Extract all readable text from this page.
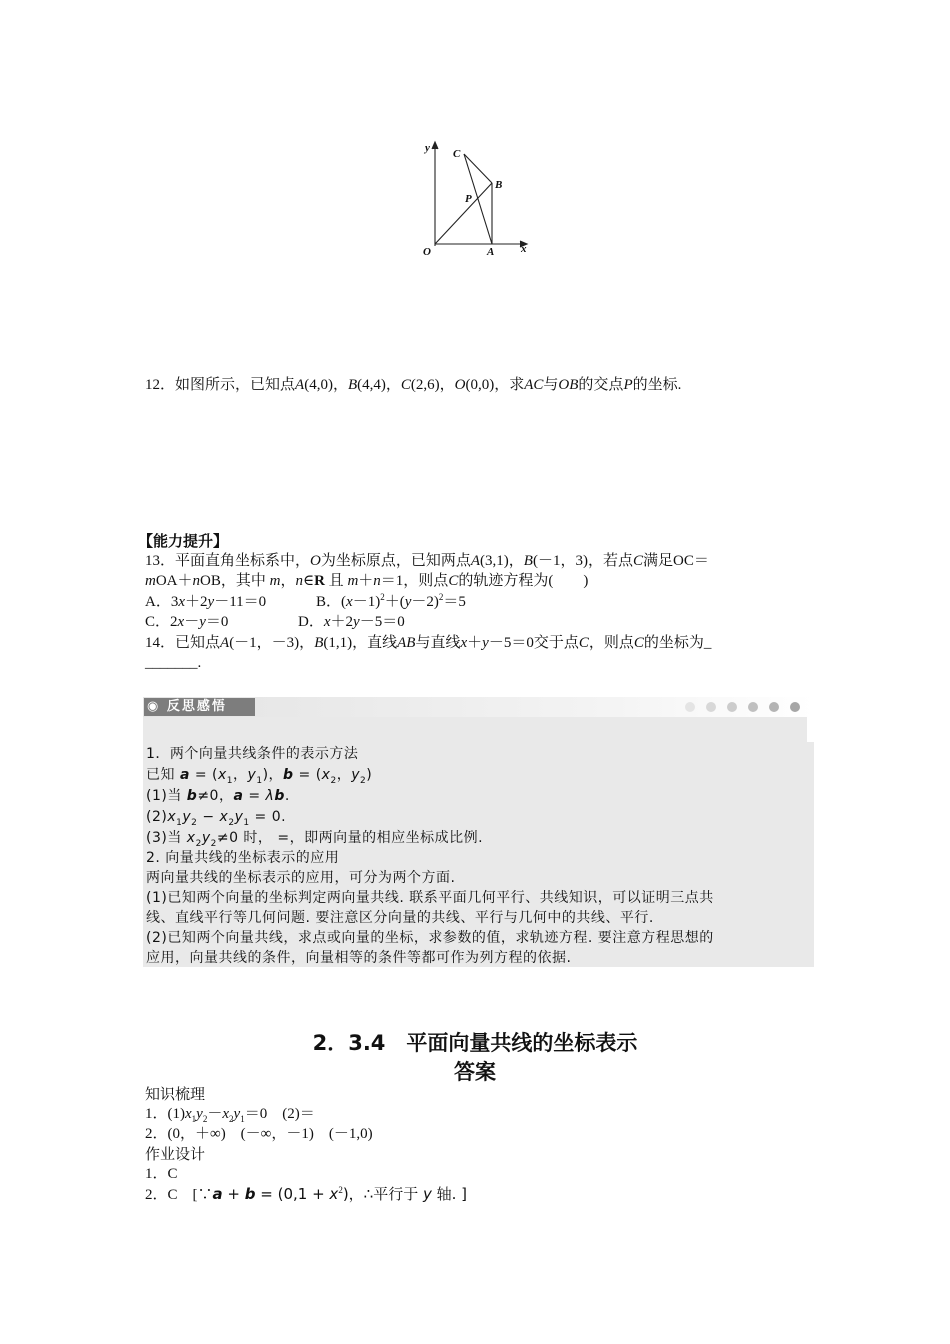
y
x
O	A
B
C
P
12．如图所示，已知点A(4,0)，B(4,4)，C(2,6)，O(0,0)，求AC与OB的交点P的坐标.
【能力提升】
13．平面直角坐标系中，O为坐标原点，已知两点A(3,1)，B(－1，3)，若点C满足OC＝
mOA＋nOB，其中 m，n∈R 且 m＋n＝1，则点C的轨迹方程为(　　)
A．3x＋2y－11＝0	B．$(x-1)^2+(y-2)^2=5$
C．2x－y＝0	D．x＋2y－5＝0
14．已知点A(－1，－3)，B(1,1)，直线AB与直线x＋y－5＝0交于点C，则点C的坐标为_
_______.
◉ 反思感悟
1．两个向量共线条件的表示方法
已知 $a = (x_1$，$y_1$)，$b = (x_2$，$y_2$)
(1)当 b≠0，a = λb.
$(2)x_1y_2 - x_2y_1 = 0$.
(3)当 $x_2y_2\ne 0$ 时， =，即两向量的相应坐标成比例.
2. 向量共线的坐标表示的应用
两向量共线的坐标表示的应用，可分为两个方面.
(1)已知两个向量的坐标判定两向量共线. 联系平面几何平行、共线知识，可以证明三点共
线、直线平行等几何问题. 要注意区分向量的共线、平行与几何中的共线、平行.
(2)已知两个向量共线，求点或向量的坐标，求参数的值，求轨迹方程. 要注意方程思想的
应用，向量共线的条件，向量相等的条件等都可作为列方程的依据.
2．3.4　平面向量共线的坐标表示
答案
知识梳理
1．$(1)x_1y_2-x_2y_1=0$　(2)＝
2．(0，＋∞)　(－∞，－1)　(－1,0)
作业设计
1．C
2．C　[∵a + $b = (0,1 + x^2)$，∴平行于 y 轴. ]
